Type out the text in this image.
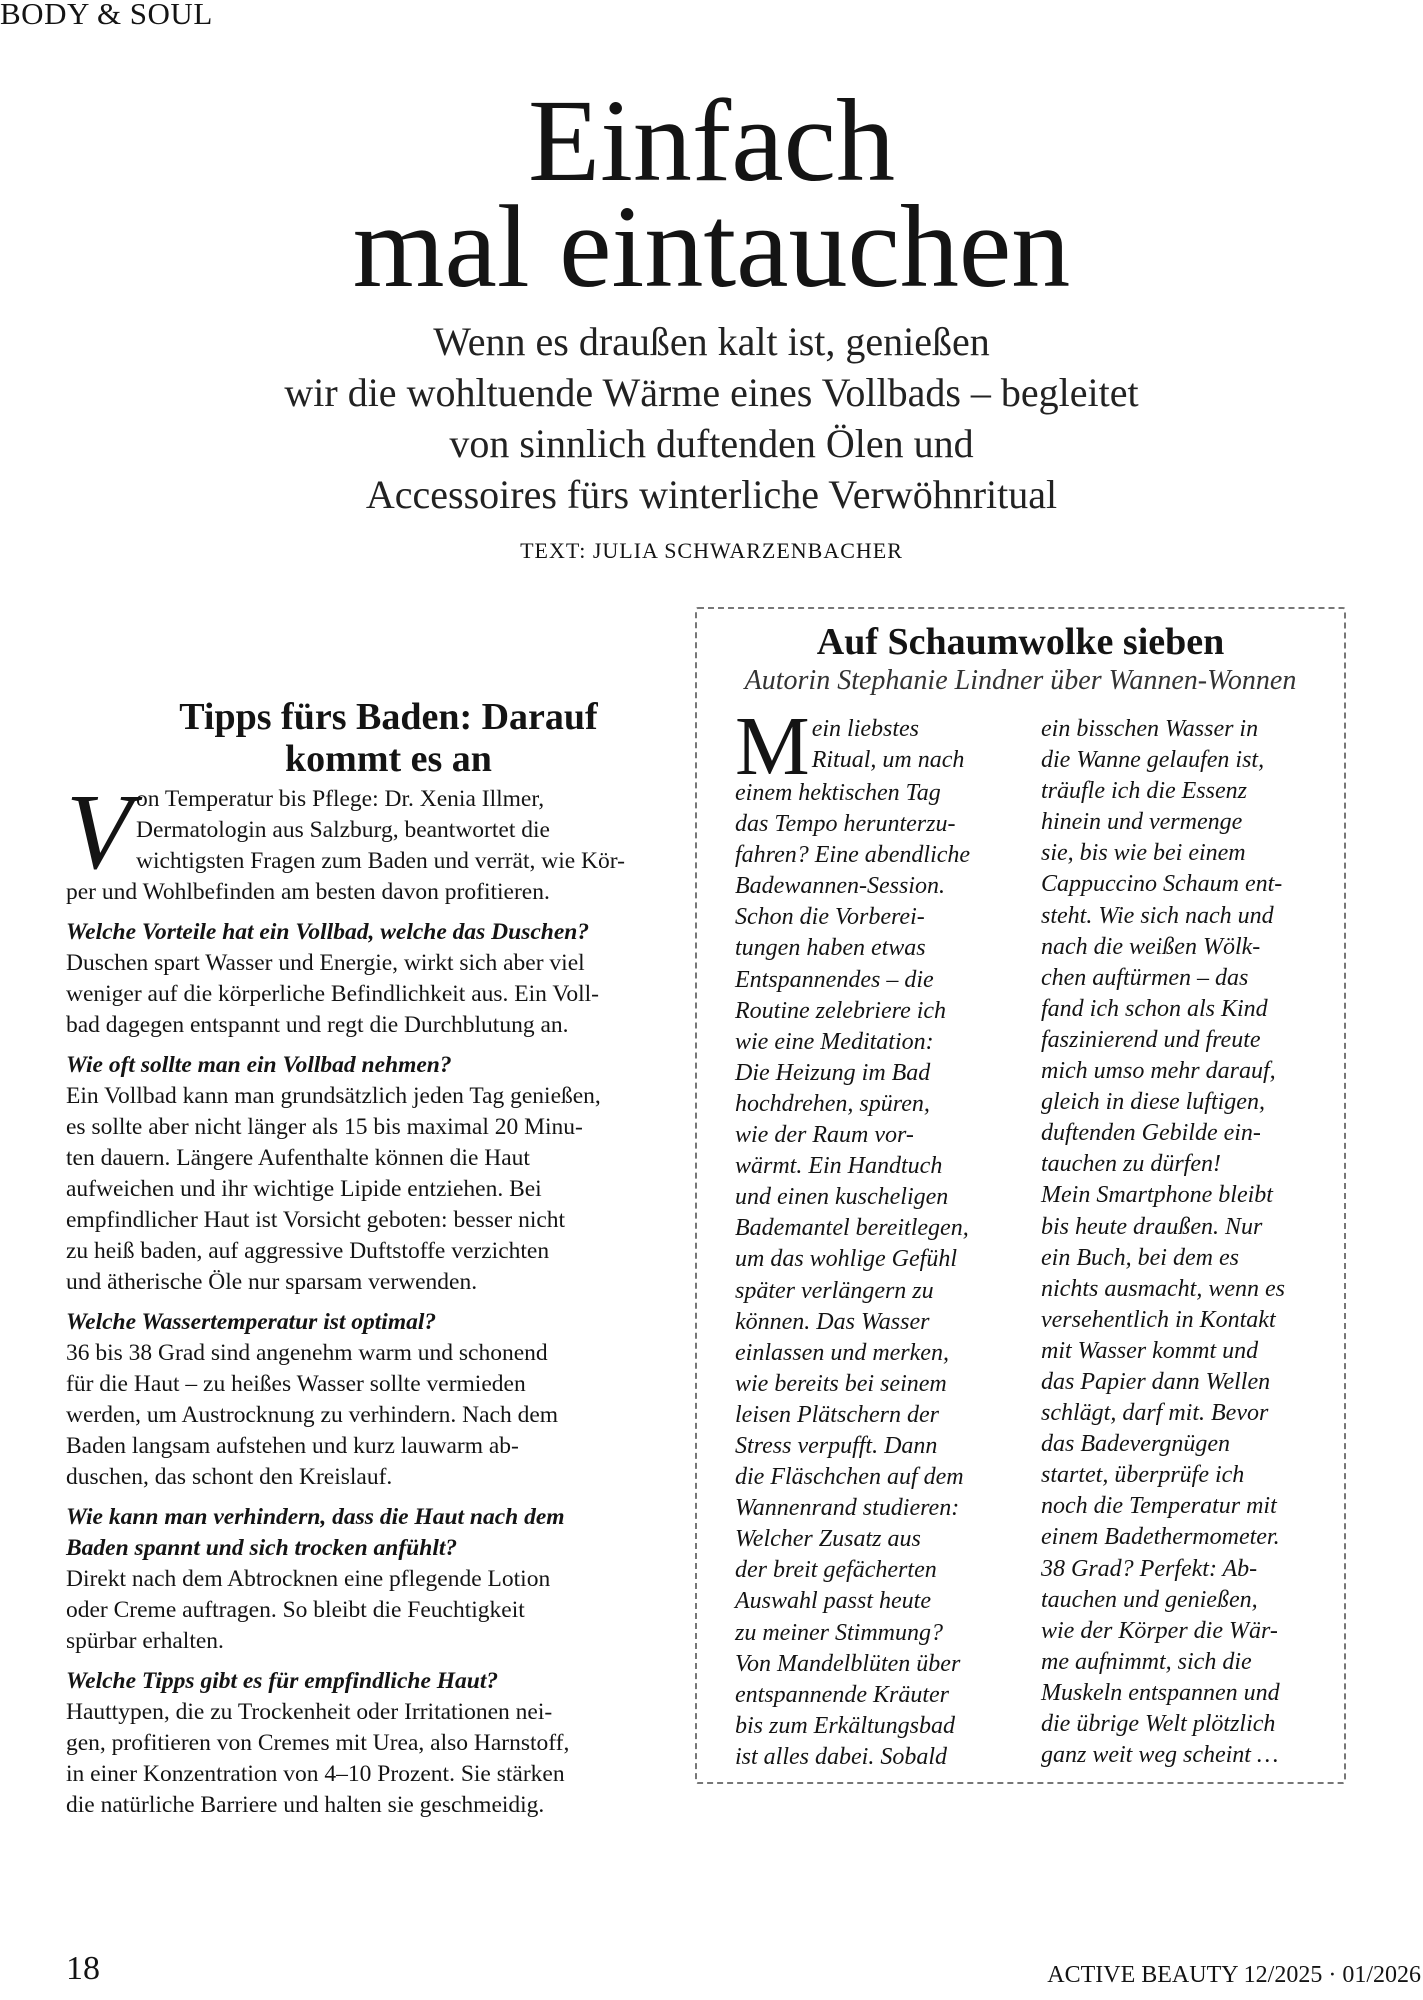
BODY & SOUL
Einfach
mal eintauchen
Wenn es draußen kalt ist, genießen
wir die wohltuende Wärme eines Vollbads – begleitet
von sinnlich duftenden Ölen und
Accessoires fürs winterliche Verwöhnritual
TEXT: JULIA SCHWARZENBACHER
Tipps fürs Baden: Darauf
kommt es an
V on Temperatur bis Pflege: Dr. Xenia Illmer,
Dermatologin aus Salzburg, beantwortet die
wichtigsten Fragen zum Baden und verrät, wie Kör-
per und Wohlbefinden am besten davon profitieren.
Welche Vorteile hat ein Vollbad, welche das Duschen?
Duschen spart Wasser und Energie, wirkt sich aber viel
weniger auf die körperliche Befindlichkeit aus. Ein Voll-
bad dagegen entspannt und regt die Durchblutung an.
Wie oft sollte man ein Vollbad nehmen?
Ein Vollbad kann man grundsätzlich jeden Tag genießen,
es sollte aber nicht länger als 15 bis maximal 20 Minu-
ten dauern. Längere Aufenthalte können die Haut
aufweichen und ihr wichtige Lipide entziehen. Bei
empfindlicher Haut ist Vorsicht geboten: besser nicht
zu heiß baden, auf aggressive Duftstoffe verzichten
und ätherische Öle nur sparsam verwenden.
Welche Wassertemperatur ist optimal?
36 bis 38 Grad sind angenehm warm und schonend
für die Haut – zu heißes Wasser sollte vermieden
werden, um Austrocknung zu verhindern. Nach dem
Baden langsam aufstehen und kurz lauwarm ab-
duschen, das schont den Kreislauf.
Wie kann man verhindern, dass die Haut nach dem
Baden spannt und sich trocken anfühlt?
Direkt nach dem Abtrocknen eine pflegende Lotion
oder Creme auftragen. So bleibt die Feuchtigkeit
spürbar erhalten.
Welche Tipps gibt es für empfindliche Haut?
Hauttypen, die zu Trockenheit oder Irritationen nei-
gen, profitieren von Cremes mit Urea, also Harnstoff,
in einer Konzentration von 4–10 Prozent. Sie stärken
die natürliche Barriere und halten sie geschmeidig.
Auf Schaumwolke sieben
Autorin Stephanie Lindner über Wannen-Wonnen
M ein liebstes
Ritual, um nach
einem hektischen Tag
das Tempo herunterzu-
fahren? Eine abendliche
Badewannen-Session.
Schon die Vorberei-
tungen haben etwas
Entspannendes – die
Routine zelebriere ich
wie eine Meditation:
Die Heizung im Bad
hochdrehen, spüren,
wie der Raum vor-
wärmt. Ein Handtuch
und einen kuscheligen
Bademantel bereitlegen,
um das wohlige Gefühl
später verlängern zu
können. Das Wasser
einlassen und merken,
wie bereits bei seinem
leisen Plätschern der
Stress verpufft. Dann
die Fläschchen auf dem
Wannenrand studieren:
Welcher Zusatz aus
der breit gefächerten
Auswahl passt heute
zu meiner Stimmung?
Von Mandelblüten über
entspannende Kräuter
bis zum Erkältungsbad
ist alles dabei. Sobald
ein bisschen Wasser in
die Wanne gelaufen ist,
träufle ich die Essenz
hinein und vermenge
sie, bis wie bei einem
Cappuccino Schaum ent-
steht. Wie sich nach und
nach die weißen Wölk-
chen auftürmen – das
fand ich schon als Kind
faszinierend und freute
mich umso mehr darauf,
gleich in diese luftigen,
duftenden Gebilde ein-
tauchen zu dürfen!
Mein Smartphone bleibt
bis heute draußen. Nur
ein Buch, bei dem es
nichts ausmacht, wenn es
versehentlich in Kontakt
mit Wasser kommt und
das Papier dann Wellen
schlägt, darf mit. Bevor
das Badevergnügen
startet, überprüfe ich
noch die Temperatur mit
einem Badethermometer.
38 Grad? Perfekt: Ab-
tauchen und genießen,
wie der Körper die Wär-
me aufnimmt, sich die
Muskeln entspannen und
die übrige Welt plötzlich
ganz weit weg scheint …
18	ACTIVE BEAUTY 12/2025 · 01/2026
